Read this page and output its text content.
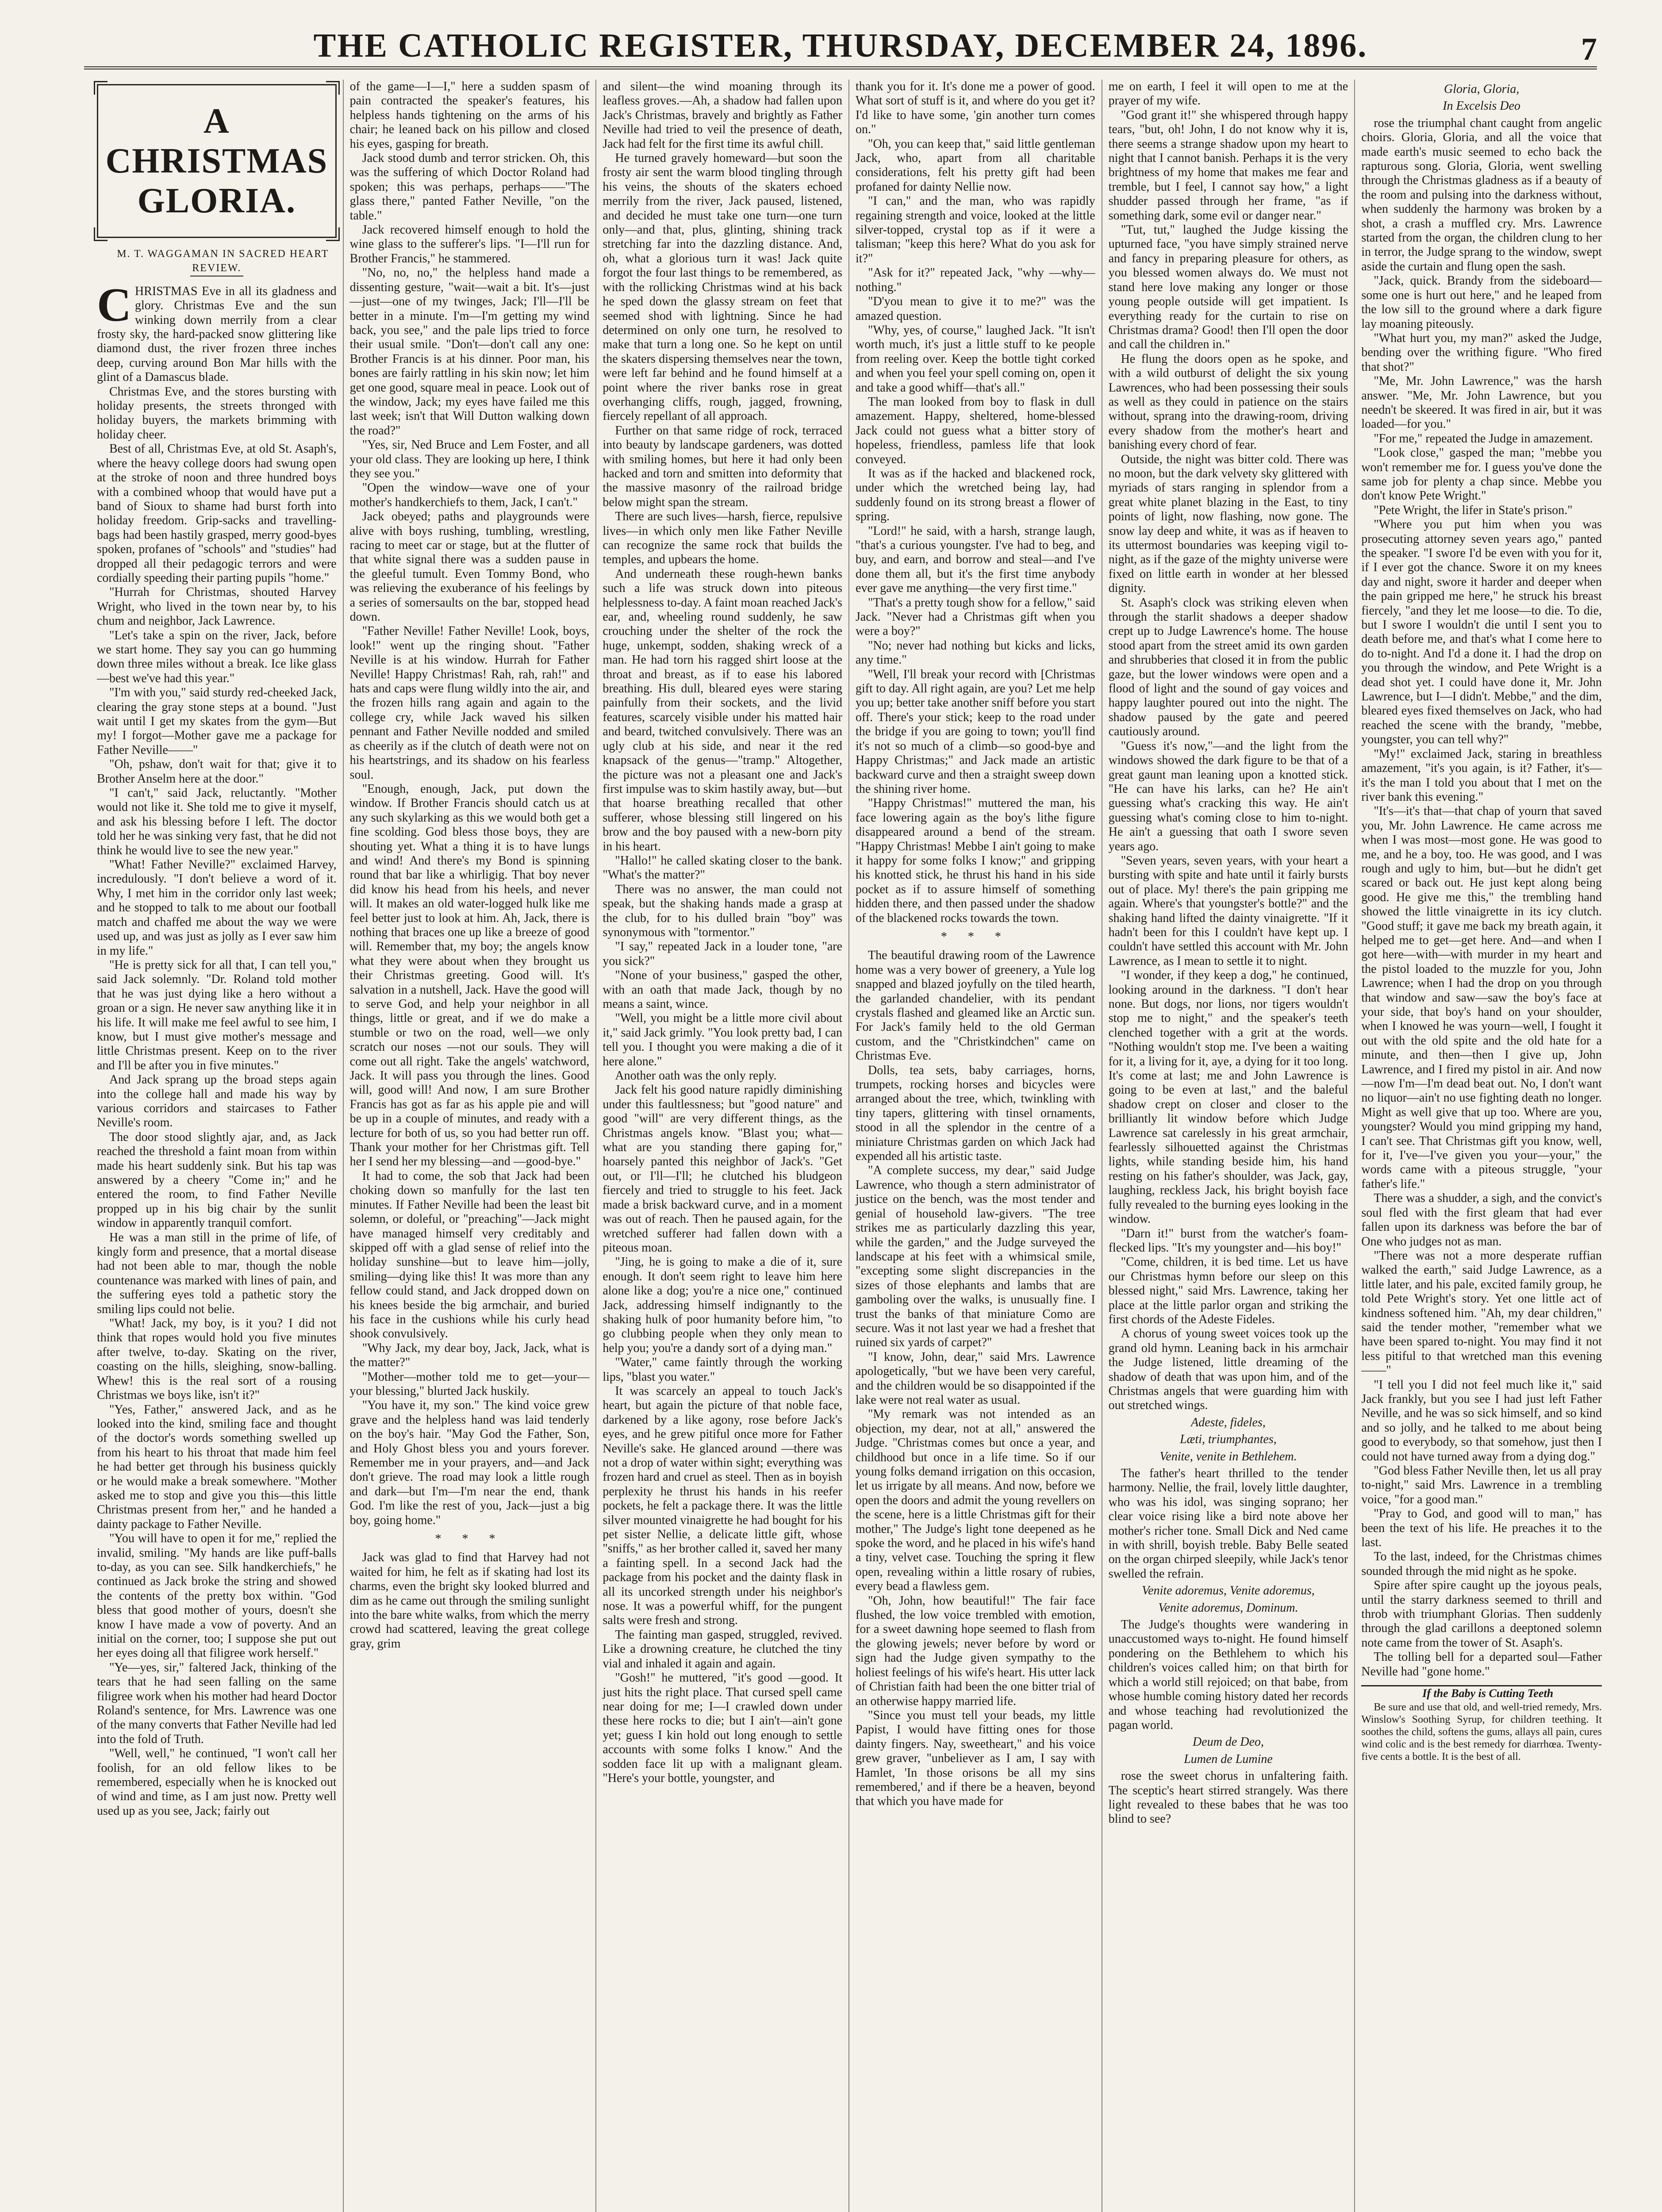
THE CATHOLIC REGISTER, THURSDAY, DECEMBER 24, 1896.	7
A CHRISTMAS GLORIA.

M. T. WAGGAMAN IN SACRED HEART REVIEW.

CHRISTMAS Eve in all its gladness and glory. Christmas Eve and the sun winking down merrily from a clear frosty sky, the hard-packed snow glittering like diamond dust, the river frozen three inches deep, curving around Bon Mar hills with the glint of a Damascus blade.

Christmas Eve, and the stores bursting with holiday presents, the streets thronged with holiday buyers, the markets brimming with holiday cheer.

Best of all, Christmas Eve, at old St. Asaph's, where the heavy college doors had swung open at the stroke of noon and three hundred boys with a combined whoop that would have put a band of Sioux to shame had burst forth into holiday freedom. Grip-sacks and travelling-bags had been hastily grasped, merry good-byes spoken, profanes of "schools" and "studies" had dropped all their pedagogic terrors and were cordially speeding their parting pupils "home."

"Hurrah for Christmas, shouted Harvey Wright, who lived in the town near by, to his chum and neighbor, Jack Lawrence.

"Let's take a spin on the river, Jack, before we start home. They say you can go humming down three miles without a break. Ice like glass—best we've had this year."

"I'm with you," said sturdy red-cheeked Jack, clearing the gray stone steps at a bound. "Just wait until I get my skates from the gym—But my! I forgot—Mother gave me a package for Father Neville——"

"Oh, pshaw, don't wait for that; give it to Brother Anselm here at the door."

"I can't," said Jack, reluctantly. "Mother would not like it. She told me to give it myself, and ask his blessing before I left. The doctor told her he was sinking very fast, that he did not think he would live to see the new year."

"What! Father Neville?" exclaimed Harvey, incredulously. "I don't believe a word of it. Why, I met him in the corridor only last week; and he stopped to talk to me about our football match and chaffed me about the way we were used up, and was just as jolly as I ever saw him in my life."

"He is pretty sick for all that, I can tell you," said Jack solemnly. "Dr. Roland told mother that he was just dying like a hero without a groan or a sign. He never saw anything like it in his life. It will make me feel awful to see him, I know, but I must give mother's message and little Christmas present. Keep on to the river and I'll be after you in five minutes."

And Jack sprang up the broad steps again into the college hall and made his way by various corridors and staircases to Father Neville's room.

The door stood slightly ajar, and, as Jack reached the threshold a faint moan from within made his heart suddenly sink. But his tap was answered by a cheery "Come in;" and he entered the room, to find Father Neville propped up in his big chair by the sunlit window in apparently tranquil comfort.

He was a man still in the prime of life, of kingly form and presence, that a mortal disease had not been able to mar, though the noble countenance was marked with lines of pain, and the suffering eyes told a pathetic story the smiling lips could not belie.

"What! Jack, my boy, is it you? I did not think that ropes would hold you five minutes after twelve, to-day. Skating on the river, coasting on the hills, sleighing, snow-balling. Whew! this is the real sort of a rousing Christmas we boys like, isn't it?"

"Yes, Father," answered Jack, and as he looked into the kind, smiling face and thought of the doctor's words something swelled up from his heart to his throat that made him feel he had better get through his business quickly or he would make a break somewhere. "Mother asked me to stop and give you this—this little Christmas present from her," and he handed a dainty package to Father Neville.

"You will have to open it for me," replied the invalid, smiling. "My hands are like puff-balls to-day, as you can see. Silk handkerchiefs," he continued as Jack broke the string and showed the contents of the pretty box within. "God bless that good mother of yours, doesn't she know I have made a vow of poverty. And an initial on the corner, too; I suppose she put out her eyes doing all that filigree work herself."

"Ye—yes, sir," faltered Jack, thinking of the tears that he had seen falling on the same filigree work when his mother had heard Doctor Roland's sentence, for Mrs. Lawrence was one of the many converts that Father Neville had led into the fold of Truth.

"Well, well," he continued, "I won't call her foolish, for an old fellow likes to be remembered, especially when he is knocked out of wind and time, as I am just now. Pretty well used up as you see, Jack; fairly out

of the game—I—I," here a sudden spasm of pain contracted the speaker's features, his helpless hands tightening on the arms of his chair; he leaned back on his pillow and closed his eyes, gasping for breath.

Jack stood dumb and terror stricken. Oh, this was the suffering of which Doctor Roland had spoken; this was perhaps, perhaps——"The glass there," panted Father Neville, "on the table."

Jack recovered himself enough to hold the wine glass to the sufferer's lips. "I—I'll run for Brother Francis," he stammered.

"No, no, no," the helpless hand made a dissenting gesture, "wait—wait a bit. It's—just—just—one of my twinges, Jack; I'll—I'll be better in a minute. I'm—I'm getting my wind back, you see," and the pale lips tried to force their usual smile. "Don't—don't call any one: Brother Francis is at his dinner. Poor man, his bones are fairly rattling in his skin now; let him get one good, square meal in peace. Look out of the window, Jack; my eyes have failed me this last week; isn't that Will Dutton walking down the road?"

"Yes, sir, Ned Bruce and Lem Foster, and all your old class. They are looking up here, I think they see you."

"Open the window—wave one of your mother's handkerchiefs to them, Jack, I can't."

Jack obeyed; paths and playgrounds were alive with boys rushing, tumbling, wrestling, racing to meet car or stage, but at the flutter of that white signal there was a sudden pause in the gleeful tumult. Even Tommy Bond, who was relieving the exuberance of his feelings by a series of somersaults on the bar, stopped head down.

"Father Neville! Father Neville! Look, boys, look!" went up the ringing shout. "Father Neville is at his window. Hurrah for Father Neville! Happy Christmas! Rah, rah, rah!" and hats and caps were flung wildly into the air, and the frozen hills rang again and again to the college cry, while Jack waved his silken pennant and Father Neville nodded and smiled as cheerily as if the clutch of death were not on his heartstrings, and its shadow on his fearless soul.

"Enough, enough, Jack, put down the window. If Brother Francis should catch us at any such skylarking as this we would both get a fine scolding. God bless those boys, they are shouting yet. What a thing it is to have lungs and wind! And there's my Bond is spinning round that bar like a whirligig. That boy never did know his head from his heels, and never will. It makes an old water-logged hulk like me feel better just to look at him. Ah, Jack, there is nothing that braces one up like a breeze of good will. Remember that, my boy; the angels know what they were about when they brought us their Christmas greeting. Good will. It's salvation in a nutshell, Jack. Have the good will to serve God, and help your neighbor in all things, little or great, and if we do make a stumble or two on the road, well—we only scratch our noses —not our souls. They will come out all right. Take the angels' watchword, Jack. It will pass you through the lines. Good will, good will! And now, I am sure Brother Francis has got as far as his apple pie and will be up in a couple of minutes, and ready with a lecture for both of us, so you had better run off. Thank your mother for her Christmas gift. Tell her I send her my blessing—and —good-bye."

It had to come, the sob that Jack had been choking down so manfully for the last ten minutes. If Father Neville had been the least bit solemn, or doleful, or "preaching"—Jack might have managed himself very creditably and skipped off with a glad sense of relief into the holiday sunshine—but to leave him—jolly, smiling—dying like this! It was more than any fellow could stand, and Jack dropped down on his knees beside the big armchair, and buried his face in the cushions while his curly head shook convulsively.

"Why Jack, my dear boy, Jack, Jack, what is the matter?"

"Mother—mother told me to get—your—your blessing," blurted Jack huskily.

"You have it, my son." The kind voice grew grave and the helpless hand was laid tenderly on the boy's hair. "May God the Father, Son, and Holy Ghost bless you and yours forever. Remember me in your prayers, and—and Jack don't grieve. The road may look a little rough and dark—but I'm—I'm near the end, thank God. I'm like the rest of you, Jack—just a big boy, going home."

* * *

Jack was glad to find that Harvey had not waited for him, he felt as if skating had lost its charms, even the bright sky looked blurred and dim as he came out through the smiling sunlight into the bare white walks, from which the merry crowd had scattered, leaving the great college gray, grim

and silent—the wind moaning through its leafless groves.—Ah, a shadow had fallen upon Jack's Christmas, bravely and brightly as Father Neville had tried to veil the presence of death, Jack had felt for the first time its awful chill.

He turned gravely homeward—but soon the frosty air sent the warm blood tingling through his veins, the shouts of the skaters echoed merrily from the river, Jack paused, listened, and decided he must take one turn—one turn only—and that, plus, glinting, shining track stretching far into the dazzling distance. And, oh, what a glorious turn it was! Jack quite forgot the four last things to be remembered, as with the rollicking Christmas wind at his back he sped down the glassy stream on feet that seemed shod with lightning. Since he had determined on only one turn, he resolved to make that turn a long one. So he kept on until the skaters dispersing themselves near the town, were left far behind and he found himself at a point where the river banks rose in great overhanging cliffs, rough, jagged, frowning, fiercely repellant of all approach.

Further on that same ridge of rock, terraced into beauty by landscape gardeners, was dotted with smiling homes, but here it had only been hacked and torn and smitten into deformity that the massive masonry of the railroad bridge below might span the stream.

There are such lives—harsh, fierce, repulsive lives—in which only men like Father Neville can recognize the same rock that builds the temples, and upbears the home.

And underneath these rough-hewn banks such a life was struck down into piteous helplessness to-day. A faint moan reached Jack's ear, and, wheeling round suddenly, he saw crouching under the shelter of the rock the huge, unkempt, sodden, shaking wreck of a man. He had torn his ragged shirt loose at the throat and breast, as if to ease his labored breathing. His dull, bleared eyes were staring painfully from their sockets, and the livid features, scarcely visible under his matted hair and beard, twitched convulsively. There was an ugly club at his side, and near it the red knapsack of the genus—"tramp." Altogether, the picture was not a pleasant one and Jack's first impulse was to skim hastily away, but—but that hoarse breathing recalled that other sufferer, whose blessing still lingered on his brow and the boy paused with a new-born pity in his heart.

"Hallo!" he called skating closer to the bank. "What's the matter?"

There was no answer, the man could not speak, but the shaking hands made a grasp at the club, for to his dulled brain "boy" was synonymous with "tormentor."

"I say," repeated Jack in a louder tone, "are you sick?"

"None of your business," gasped the other, with an oath that made Jack, though by no means a saint, wince.

"Well, you might be a little more civil about it," said Jack grimly. "You look pretty bad, I can tell you. I thought you were making a die of it here alone."

Another oath was the only reply.

Jack felt his good nature rapidly diminishing under this faultlessness; but "good nature" and good "will" are very different things, as the Christmas angels know. "Blast you; what—what are you standing there gaping for," hoarsely panted this neighbor of Jack's. "Get out, or I'll—I'll; he clutched his bludgeon fiercely and tried to struggle to his feet. Jack made a brisk backward curve, and in a moment was out of reach. Then he paused again, for the wretched sufferer had fallen down with a piteous moan.

"Jing, he is going to make a die of it, sure enough. It don't seem right to leave him here alone like a dog; you're a nice one," continued Jack, addressing himself indignantly to the shaking hulk of poor humanity before him, "to go clubbing people when they only mean to help you; you're a dandy sort of a dying man."

"Water," came faintly through the working lips, "blast you water."

It was scarcely an appeal to touch Jack's heart, but again the picture of that noble face, darkened by a like agony, rose before Jack's eyes, and he grew pitiful once more for Father Neville's sake. He glanced around —there was not a drop of water within sight; everything was frozen hard and cruel as steel. Then as in boyish perplexity he thrust his hands in his reefer pockets, he felt a package there. It was the little silver mounted vinaigrette he had bought for his pet sister Nellie, a delicate little gift, whose "sniffs," as her brother called it, saved her many a fainting spell. In a second Jack had the package from his pocket and the dainty flask in all its uncorked strength under his neighbor's nose. It was a powerful whiff, for the pungent salts were fresh and strong.

The fainting man gasped, struggled, revived. Like a drowning creature, he clutched the tiny vial and inhaled it again and again.

"Gosh!" he muttered, "it's good —good. It just hits the right place. That cursed spell came near doing for me; I—I crawled down under these here rocks to die; but I ain't—ain't gone yet; guess I kin hold out long enough to settle accounts with some folks I know." And the sodden face lit up with a malignant gleam. "Here's your bottle, youngster, and

thank you for it. It's done me a power of good. What sort of stuff is it, and where do you get it? I'd like to have some, 'gin another turn comes on."

"Oh, you can keep that," said little gentleman Jack, who, apart from all charitable considerations, felt his pretty gift had been profaned for dainty Nellie now.

"I can," and the man, who was rapidly regaining strength and voice, looked at the little silver-topped, crystal top as if it were a talisman; "keep this here? What do you ask for it?"

"Ask for it?" repeated Jack, "why —why—nothing."

"D'you mean to give it to me?" was the amazed question.

"Why, yes, of course," laughed Jack. "It isn't worth much, it's just a little stuff to ke people from reeling over. Keep the bottle tight corked and when you feel your spell coming on, open it and take a good whiff—that's all."

The man looked from boy to flask in dull amazement. Happy, sheltered, home-blessed Jack could not guess what a bitter story of hopeless, friendless, pamless life that look conveyed.

It was as if the hacked and blackened rock, under which the wretched being lay, had suddenly found on its strong breast a flower of spring.

"Lord!" he said, with a harsh, strange laugh, "that's a curious youngster. I've had to beg, and buy, and earn, and borrow and steal—and I've done them all, but it's the first time anybody ever gave me anything—the very first time."

"That's a pretty tough show for a fellow," said Jack. "Never had a Christmas gift when you were a boy?"

"No; never had nothing but kicks and licks, any time."

"Well, I'll break your record with [Christmas gift to day. All right again, are you? Let me help you up; better take another sniff before you start off. There's your stick; keep to the road under the bridge if you are going to town; you'll find it's not so much of a climb—so good-bye and Happy Christmas;" and Jack made an artistic backward curve and then a straight sweep down the shining river home.

"Happy Christmas!" muttered the man, his face lowering again as the boy's lithe figure disappeared around a bend of the stream. "Happy Christmas! Mebbe I ain't going to make it happy for some folks I know;" and gripping his knotted stick, he thrust his hand in his side pocket as if to assure himself of something hidden there, and then passed under the shadow of the blackened rocks towards the town.

* * *

The beautiful drawing room of the Lawrence home was a very bower of greenery, a Yule log snapped and blazed joyfully on the tiled hearth, the garlanded chandelier, with its pendant crystals flashed and gleamed like an Arctic sun. For Jack's family held to the old German custom, and the "Christkindchen" came on Christmas Eve.

Dolls, tea sets, baby carriages, horns, trumpets, rocking horses and bicycles were arranged about the tree, which, twinkling with tiny tapers, glittering with tinsel ornaments, stood in all the splendor in the centre of a miniature Christmas garden on which Jack had expended all his artistic taste.

"A complete success, my dear," said Judge Lawrence, who though a stern administrator of justice on the bench, was the most tender and genial of household law-givers. "The tree strikes me as particularly dazzling this year, while the garden," and the Judge surveyed the landscape at his feet with a whimsical smile, "excepting some slight discrepancies in the sizes of those elephants and lambs that are gamboling over the walks, is unusually fine. I trust the banks of that miniature Como are secure. Was it not last year we had a freshet that ruined six yards of carpet?"

"I know, John, dear," said Mrs. Lawrence apologetically, "but we have been very careful, and the children would be so disappointed if the lake were not real water as usual.

"My remark was not intended as an objection, my dear, not at all," answered the Judge. "Christmas comes but once a year, and childhood but once in a life time. So if our young folks demand irrigation on this occasion, let us irrigate by all means. And now, before we open the doors and admit the young revellers on the scene, here is a little Christmas gift for their mother," The Judge's light tone deepened as he spoke the word, and he placed in his wife's hand a tiny, velvet case. Touching the spring it flew open, revealing within a little rosary of rubies, every bead a flawless gem.

"Oh, John, how beautiful!" The fair face flushed, the low voice trembled with emotion, for a sweet dawning hope seemed to flash from the glowing jewels; never before by word or sign had the Judge given sympathy to the holiest feelings of his wife's heart. His utter lack of Christian faith had been the one bitter trial of an otherwise happy married life.

"Since you must tell your beads, my little Papist, I would have fitting ones for those dainty fingers. Nay, sweetheart," and his voice grew graver, "unbeliever as I am, I say with Hamlet, 'In those orisons be all my sins remembered,' and if there be a heaven, beyond that which you have made for

me on earth, I feel it will open to me at the prayer of my wife.

"God grant it!" she whispered through happy tears, "but, oh! John, I do not know why it is, there seems a strange shadow upon my heart to night that I cannot banish. Perhaps it is the very brightness of my home that makes me fear and tremble, but I feel, I cannot say how," a light shudder passed through her frame, "as if something dark, some evil or danger near."

"Tut, tut," laughed the Judge kissing the upturned face, "you have simply strained nerve and fancy in preparing pleasure for others, as you blessed women always do. We must not stand here love making any longer or those young people outside will get impatient. Is everything ready for the curtain to rise on Christmas drama? Good! then I'll open the door and call the children in."

He flung the doors open as he spoke, and with a wild outburst of delight the six young Lawrences, who had been possessing their souls as well as they could in patience on the stairs without, sprang into the drawing-room, driving every shadow from the mother's heart and banishing every chord of fear.

Outside, the night was bitter cold. There was no moon, but the dark velvety sky glittered with myriads of stars ranging in splendor from a great white planet blazing in the East, to tiny points of light, now flashing, now gone. The snow lay deep and white, it was as if heaven to its uttermost boundaries was keeping vigil to-night, as if the gaze of the mighty universe were fixed on little earth in wonder at her blessed dignity.

St. Asaph's clock was striking eleven when through the starlit shadows a deeper shadow crept up to Judge Lawrence's home. The house stood apart from the street amid its own garden and shrubberies that closed it in from the public gaze, but the lower windows were open and a flood of light and the sound of gay voices and happy laughter poured out into the night. The shadow paused by the gate and peered cautiously around.

"Guess it's now,"—and the light from the windows showed the dark figure to be that of a great gaunt man leaning upon a knotted stick. "He can have his larks, can he? He ain't guessing what's cracking this way. He ain't guessing what's coming close to him to-night. He ain't a guessing that oath I swore seven years ago.

"Seven years, seven years, with your heart a bursting with spite and hate until it fairly bursts out of place. My! there's the pain gripping me again. Where's that youngster's bottle?" and the shaking hand lifted the dainty vinaigrette. "If it hadn't been for this I couldn't have kept up. I couldn't have settled this account with Mr. John Lawrence, as I mean to settle it to night.

"I wonder, if they keep a dog," he continued, looking around in the darkness. "I don't hear none. But dogs, nor lions, nor tigers wouldn't stop me to night," and the speaker's teeth clenched together with a grit at the words. "Nothing wouldn't stop me. I've been a waiting for it, a living for it, aye, a dying for it too long. It's come at last; me and John Lawrence is going to be even at last," and the baleful shadow crept on closer and closer to the brilliantly lit window before which Judge Lawrence sat carelessly in his great armchair, fearlessly silhouetted against the Christmas lights, while standing beside him, his hand resting on his father's shoulder, was Jack, gay, laughing, reckless Jack, his bright boyish face fully revealed to the burning eyes looking in the window.

"Darn it!" burst from the watcher's foam-flecked lips. "It's my youngster and—his boy!"

"Come, children, it is bed time. Let us have our Christmas hymn before our sleep on this blessed night," said Mrs. Lawrence, taking her place at the little parlor organ and striking the first chords of the Adeste Fideles.

A chorus of young sweet voices took up the grand old hymn. Leaning back in his armchair the Judge listened, little dreaming of the shadow of death that was upon him, and of the Christmas angels that were guarding him with out stretched wings.

Adeste, fideles,

Læti, triumphantes,

Venite, venite in Bethlehem.

The father's heart thrilled to the tender harmony. Nellie, the frail, lovely little daughter, who was his idol, was singing soprano; her clear voice rising like a bird note above her mother's richer tone. Small Dick and Ned came in with shrill, boyish treble. Baby Belle seated on the organ chirped sleepily, while Jack's tenor swelled the refrain.

Venite adoremus, Venite adoremus,

Venite adoremus, Dominum.

The Judge's thoughts were wandering in unaccustomed ways to-night. He found himself pondering on the Bethlehem to which his children's voices called him; on that birth for which a world still rejoiced; on that babe, from whose humble coming history dated her records and whose teaching had revolutionized the pagan world.

Deum de Deo,

Lumen de Lumine

rose the sweet chorus in unfaltering faith. The sceptic's heart stirred strangely. Was there light revealed to these babes that he was too blind to see?

Gloria, Gloria,

In Excelsis Deo

rose the triumphal chant caught from angelic choirs. Gloria, Gloria, and all the voice that made earth's music seemed to echo back the rapturous song. Gloria, Gloria, went swelling through the Christmas gladness as if a beauty of the room and pulsing into the darkness without, when suddenly the harmony was broken by a shot, a crash a muffled cry. Mrs. Lawrence started from the organ, the children clung to her in terror, the Judge sprang to the window, swept aside the curtain and flung open the sash.

"Jack, quick. Brandy from the sideboard—some one is hurt out here," and he leaped from the low sill to the ground where a dark figure lay moaning piteously.

"What hurt you, my man?" asked the Judge, bending over the writhing figure. "Who fired that shot?"

"Me, Mr. John Lawrence," was the harsh answer. "Me, Mr. John Lawrence, but you needn't be skeered. It was fired in air, but it was loaded—for you."

"For me," repeated the Judge in amazement.

"Look close," gasped the man; "mebbe you won't remember me for. I guess you've done the same job for plenty a chap since. Mebbe you don't know Pete Wright."

"Pete Wright, the lifer in State's prison."

"Where you put him when you was prosecuting attorney seven years ago," panted the speaker. "I swore I'd be even with you for it, if I ever got the chance. Swore it on my knees day and night, swore it harder and deeper when the pain gripped me here," he struck his breast fiercely, "and they let me loose—to die. To die, but I swore I wouldn't die until I sent you to death before me, and that's what I come here to do to-night. And I'd a done it. I had the drop on you through the window, and Pete Wright is a dead shot yet. I could have done it, Mr. John Lawrence, but I—I didn't. Mebbe," and the dim, bleared eyes fixed themselves on Jack, who had reached the scene with the brandy, "mebbe, youngster, you can tell why?"

"My!" exclaimed Jack, staring in breathless amazement, "it's you again, is it? Father, it's—it's the man I told you about that I met on the river bank this evening."

"It's—it's that—that chap of yourn that saved you, Mr. John Lawrence. He came across me when I was most—most gone. He was good to me, and he a boy, too. He was good, and I was rough and ugly to him, but—but he didn't get scared or back out. He just kept along being good. He give me this," the trembling hand showed the little vinaigrette in its icy clutch. "Good stuff; it gave me back my breath again, it helped me to get—get here. And—and when I got here—with—with murder in my heart and the pistol loaded to the muzzle for you, John Lawrence; when I had the drop on you through that window and saw—saw the boy's face at your side, that boy's hand on your shoulder, when I knowed he was yourn—well, I fought it out with the old spite and the old hate for a minute, and then—then I give up, John Lawrence, and I fired my pistol in air. And now—now I'm—I'm dead beat out. No, I don't want no liquor—ain't no use fighting death no longer. Might as well give that up too. Where are you, youngster? Would you mind gripping my hand, I can't see. That Christmas gift you know, well, for it, I've—I've given you your—your," the words came with a piteous struggle, "your father's life."

There was a shudder, a sigh, and the convict's soul fled with the first gleam that had ever fallen upon its darkness was before the bar of One who judges not as man.

"There was not a more desperate ruffian walked the earth," said Judge Lawrence, as a little later, and his pale, excited family group, he told Pete Wright's story. Yet one little act of kindness softened him. "Ah, my dear children," said the tender mother, "remember what we have been spared to-night. You may find it not less pitiful to that wretched man this evening——"

"I tell you I did not feel much like it," said Jack frankly, but you see I had just left Father Neville, and he was so sick himself, and so kind and so jolly, and he talked to me about being good to everybody, so that somehow, just then I could not have turned away from a dying dog."

"God bless Father Neville then, let us all pray to-night," said Mrs. Lawrence in a trembling voice, "for a good man."

"Pray to God, and good will to man," has been the text of his life. He preaches it to the last.

To the last, indeed, for the Christmas chimes sounded through the mid night as he spoke.

Spire after spire caught up the joyous peals, until the starry darkness seemed to thrill and throb with triumphant Glorias. Then suddenly through the glad carillons a deeptoned solemn note came from the tower of St. Asaph's.

The tolling bell for a departed soul—Father Neville had "gone home."

If the Baby is Cutting Teeth

Be sure and use that old, and well-tried remedy, Mrs. Winslow's Soothing Syrup, for children teething. It soothes the child, softens the gums, allays all pain, cures wind colic and is the best remedy for diarrhœa. Twenty-five cents a bottle. It is the best of all.
